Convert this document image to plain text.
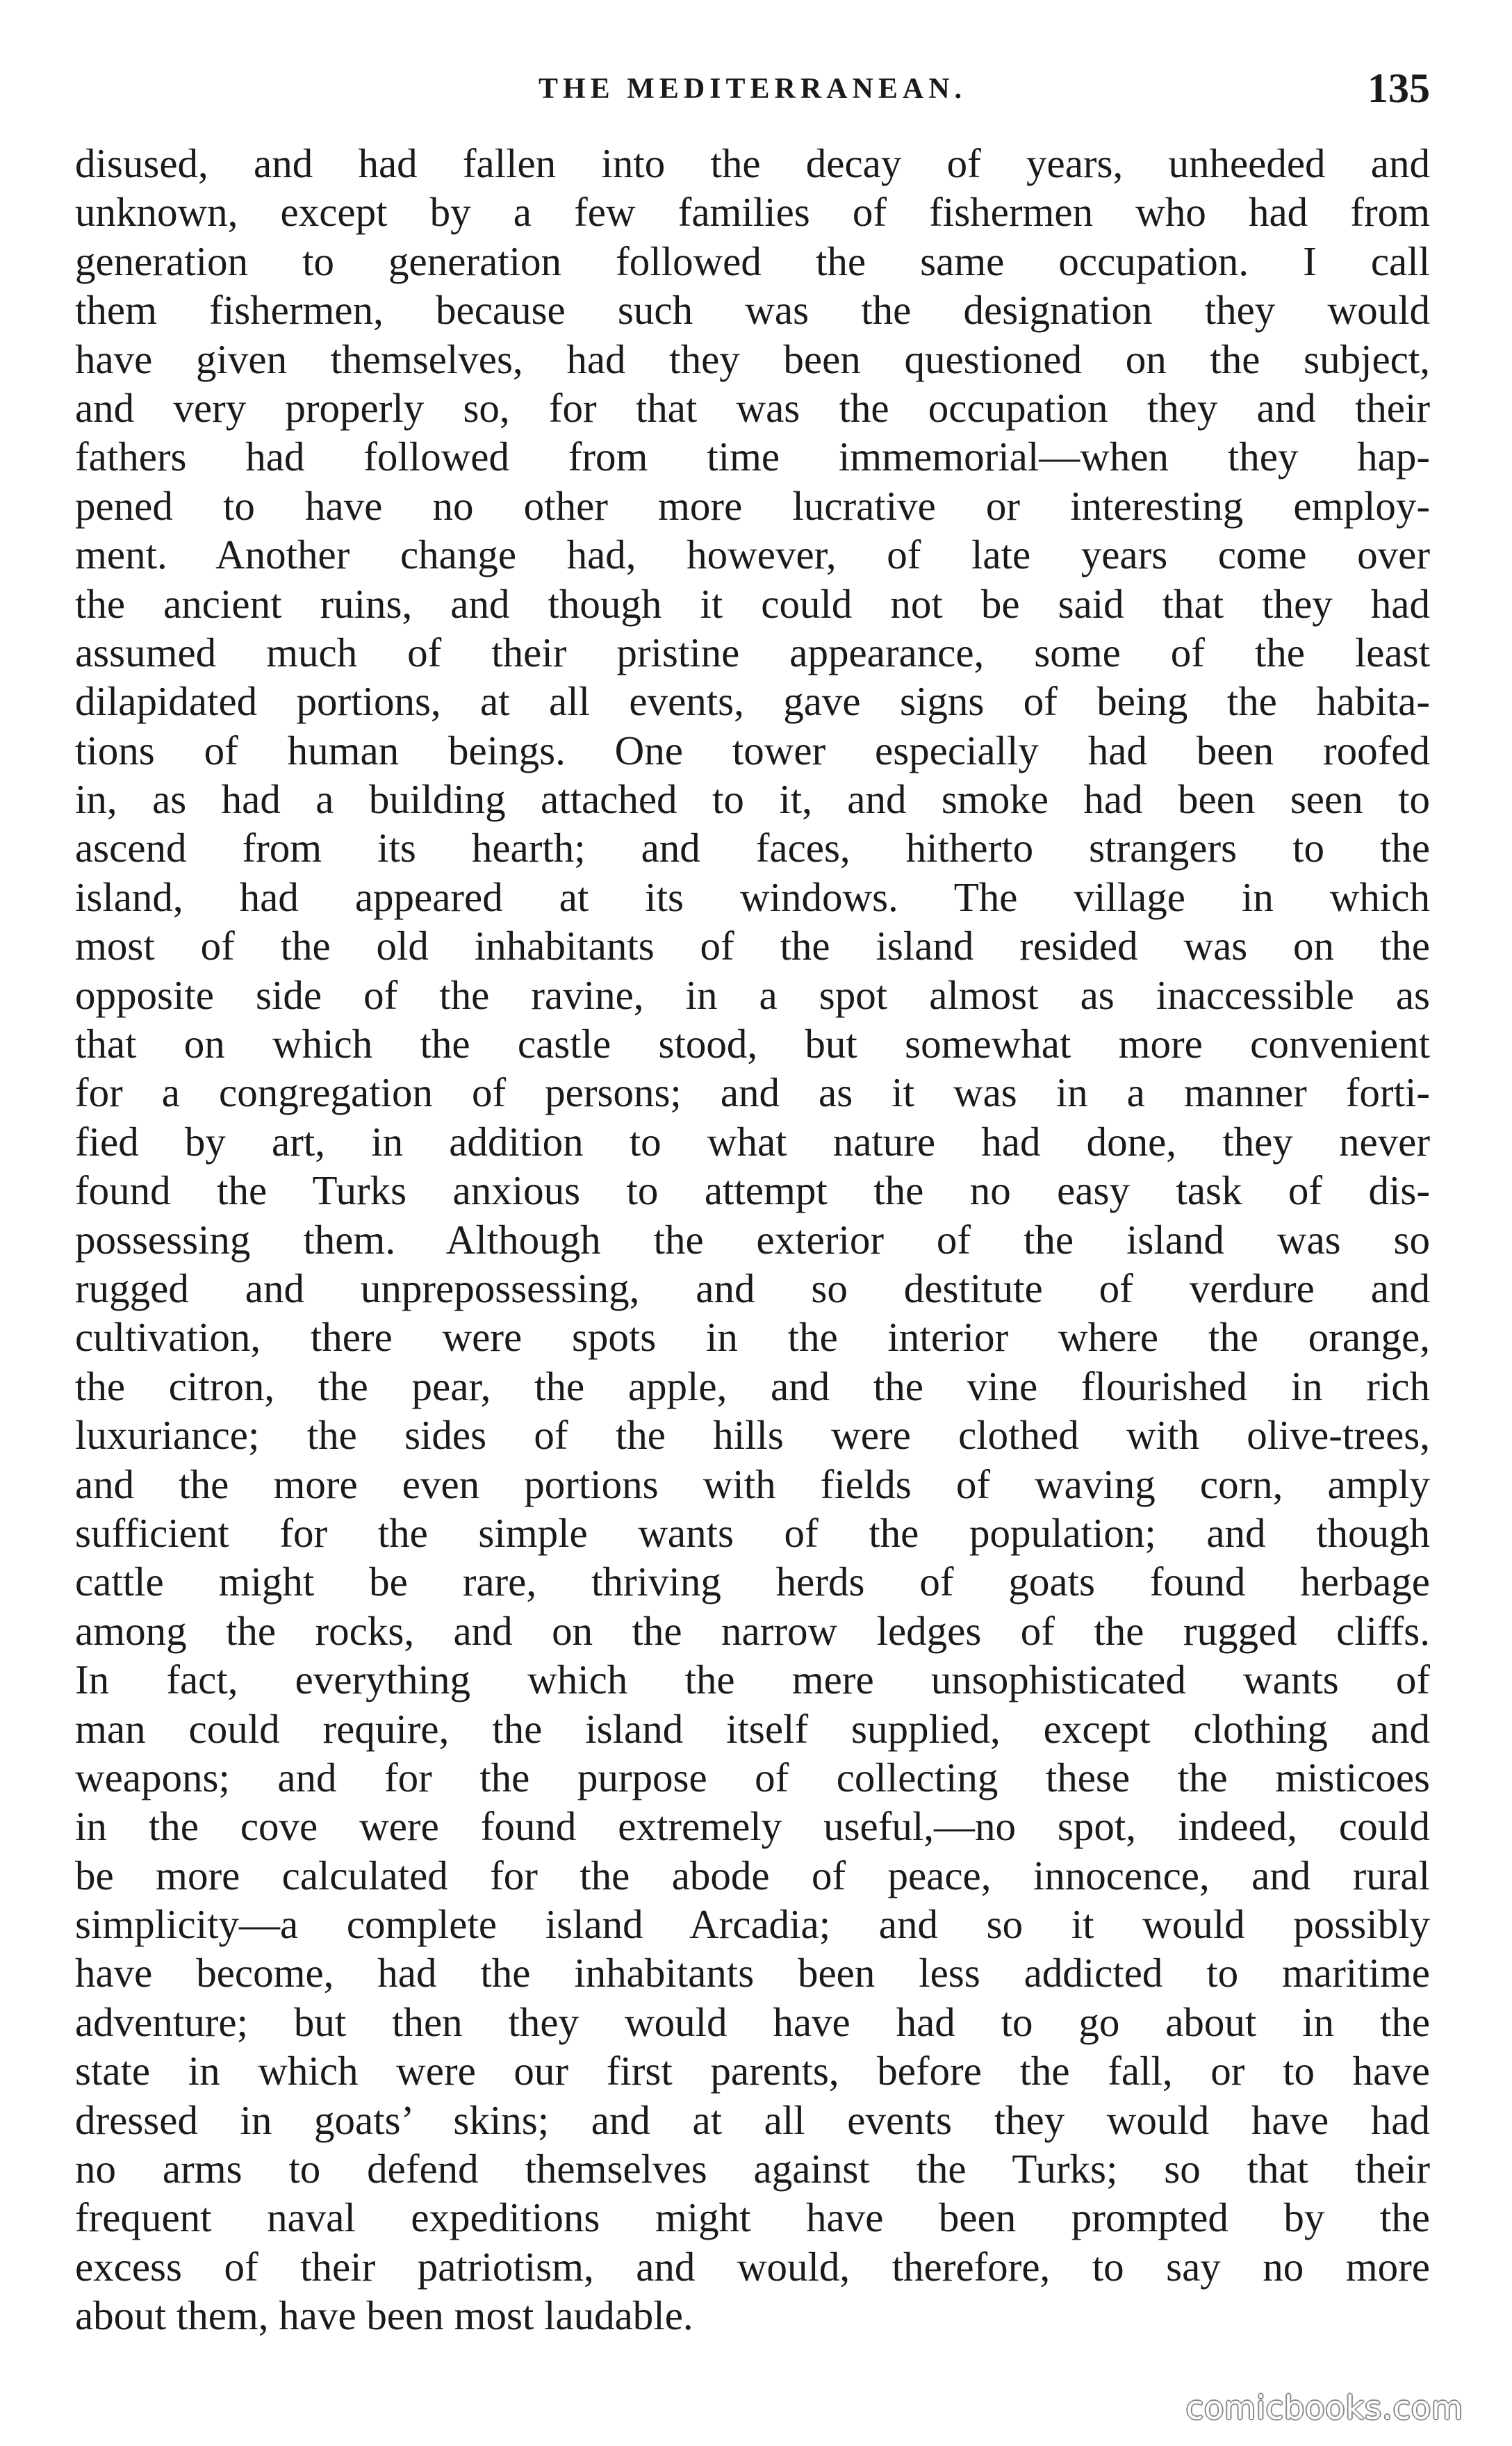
THE MEDITERRANEAN.	135
disused, and had fallen into the decay of years, unheeded and
unknown, except by a few families of fishermen who had from
generation to generation followed the same occupation. I call
them fishermen, because such was the designation they would
have given themselves, had they been questioned on the subject,
and very properly so, for that was the occupation they and their
fathers had followed from time immemorial—when they hap-
pened to have no other more lucrative or interesting employ-
ment. Another change had, however, of late years come over
the ancient ruins, and though it could not be said that they had
assumed much of their pristine appearance, some of the least
dilapidated portions, at all events, gave signs of being the habita-
tions of human beings. One tower especially had been roofed
in, as had a building attached to it, and smoke had been seen to
ascend from its hearth; and faces, hitherto strangers to the
island, had appeared at its windows. The village in which
most of the old inhabitants of the island resided was on the
opposite side of the ravine, in a spot almost as inaccessible as
that on which the castle stood, but somewhat more convenient
for a congregation of persons; and as it was in a manner forti-
fied by art, in addition to what nature had done, they never
found the Turks anxious to attempt the no easy task of dis-
possessing them. Although the exterior of the island was so
rugged and unprepossessing, and so destitute of verdure and
cultivation, there were spots in the interior where the orange,
the citron, the pear, the apple, and the vine flourished in rich
luxuriance; the sides of the hills were clothed with olive-trees,
and the more even portions with fields of waving corn, amply
sufficient for the simple wants of the population; and though
cattle might be rare, thriving herds of goats found herbage
among the rocks, and on the narrow ledges of the rugged cliffs.
In fact, everything which the mere unsophisticated wants of
man could require, the island itself supplied, except clothing and
weapons; and for the purpose of collecting these the misticoes
in the cove were found extremely useful,—no spot, indeed, could
be more calculated for the abode of peace, innocence, and rural
simplicity—a complete island Arcadia; and so it would possibly
have become, had the inhabitants been less addicted to maritime
adventure; but then they would have had to go about in the
state in which were our first parents, before the fall, or to have
dressed in goats’ skins; and at all events they would have had
no arms to defend themselves against the Turks; so that their
frequent naval expeditions might have been prompted by the
excess of their patriotism, and would, therefore, to say no more
about them, have been most laudable.
comicbooks.com
